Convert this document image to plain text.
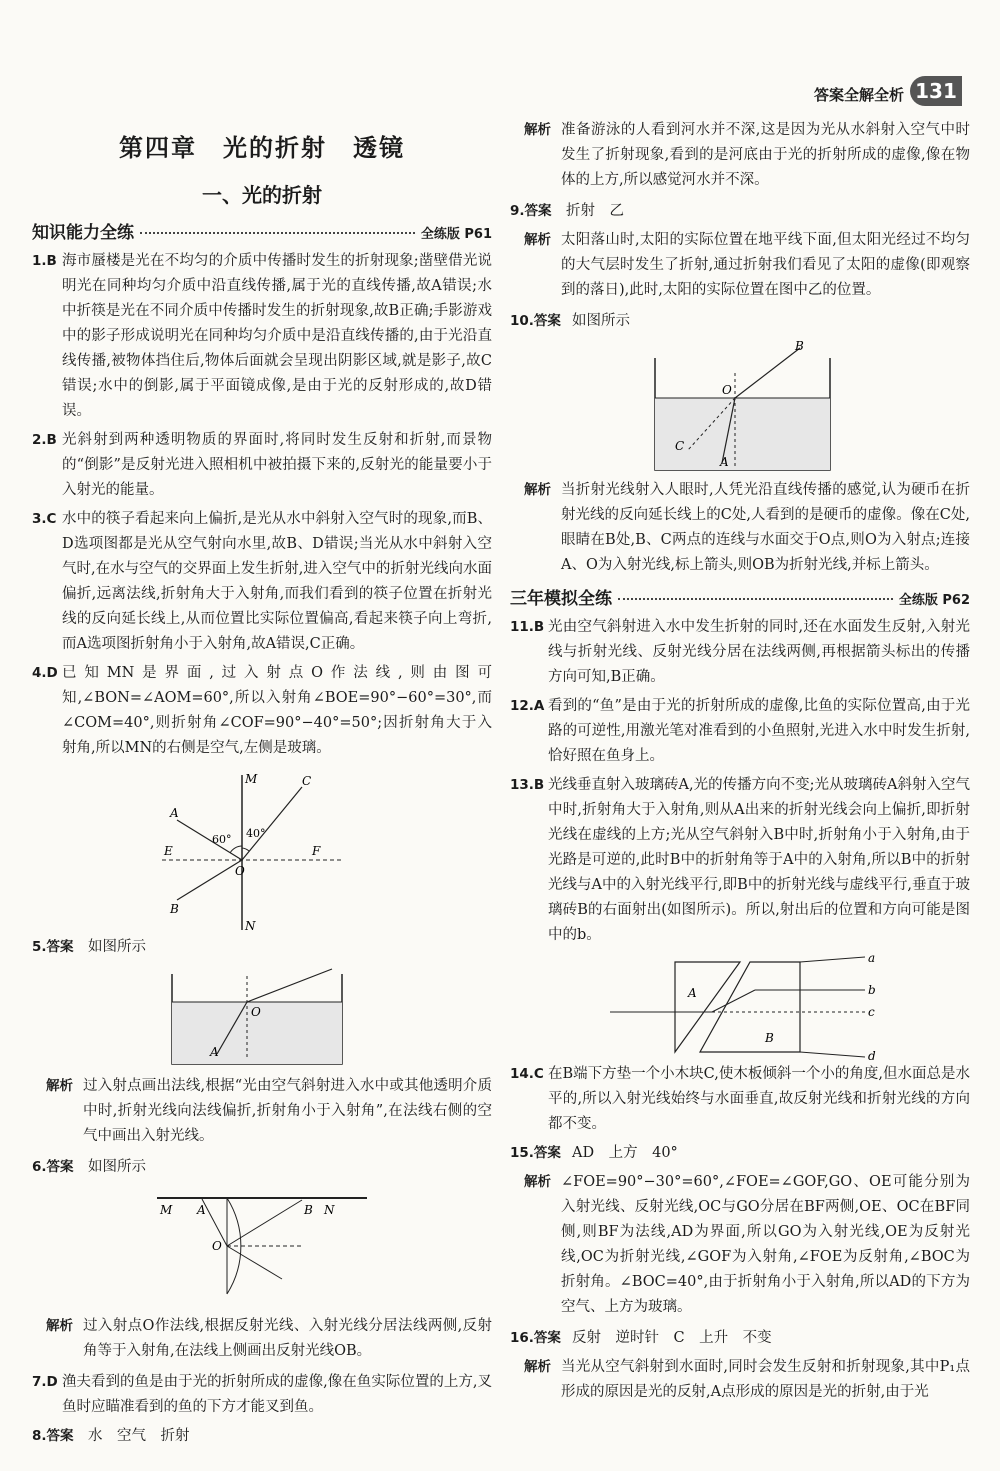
答案全解全析 131
第四章　光的折射　透镜
一、光的折射
知识能力全练	全练版 P61
1.B 海市蜃楼是光在不均匀的介质中传播时发生的折射现象;凿壁借光说明光在同种均匀介质中沿直线传播,属于光的直线传播,故A错误;水中折筷是光在不同介质中传播时发生的折射现象,故B正确;手影游戏中的影子形成说明光在同种均匀介质中是沿直线传播的,由于光沿直线传播,被物体挡住后,物体后面就会呈现出阴影区域,就是影子,故C错误;水中的倒影,属于平面镜成像,是由于光的反射形成的,故D错误。
2.B 光斜射到两种透明物质的界面时,将同时发生反射和折射,而景物的“倒影”是反射光进入照相机中被拍摄下来的,反射光的能量要小于入射光的能量。
3.C 水中的筷子看起来向上偏折,是光从水中斜射入空气时的现象,而B、D选项图都是光从空气射向水里,故B、D错误;当光从水中斜射入空气时,在水与空气的交界面上发生折射,进入空气中的折射光线向水面偏折,远离法线,折射角大于入射角,而我们看到的筷子位置在折射光线的反向延长线上,从而位置比实际位置偏高,看起来筷子向上弯折,而A选项图折射角小于入射角,故A错误,C正确。
4.D 已知MN是界面,过入射点O作法线,则由图可知,∠BON=∠AOM=60°,所以入射角∠BOE=90°−60°=30°,而∠COM=40°,则折射角∠COF=90°−40°=50°;因折射角大于入射角,所以MN的右侧是空气,左侧是玻璃。
M
N
E	F
O
A
B
C
60° 40°
5.答案 如图所示
O
A
解析 过入射点画出法线,根据“光由空气斜射进入水中或其他透明介质中时,折射光线向法线偏折,折射角小于入射角”,在法线右侧的空气中画出入射光线。
6.答案 如图所示
M A	B N
O
解析 过入射点O作法线,根据反射光线、入射光线分居法线两侧,反射角等于入射角,在法线上侧画出反射光线OB。
7.D 渔夫看到的鱼是由于光的折射所成的虚像,像在鱼实际位置的上方,叉鱼时应瞄准看到的鱼的下方才能叉到鱼。
8.答案 水　空气　折射
解析 准备游泳的人看到河水并不深,这是因为光从水斜射入空气中时发生了折射现象,看到的是河底由于光的折射所成的虚像,像在物体的上方,所以感觉河水并不深。
9.答案 折射　乙
解析 太阳落山时,太阳的实际位置在地平线下面,但太阳光经过不均匀的大气层时发生了折射,通过折射我们看见了太阳的虚像(即观察到的落日),此时,太阳的实际位置在图中乙的位置。
10.答案 如图所示
B
O
C
A
解析 当折射光线射入人眼时,人凭光沿直线传播的感觉,认为硬币在折射光线的反向延长线上的C处,人看到的是硬币的虚像。像在C处,眼睛在B处,B、C两点的连线与水面交于O点,则O为入射点;连接A、O为入射光线,标上箭头,则OB为折射光线,并标上箭头。
三年模拟全练	全练版 P62
11.B 光由空气斜射进入水中发生折射的同时,还在水面发生反射,入射光线与折射光线、反射光线分居在法线两侧,再根据箭头标出的传播方向可知,B正确。
12.A 看到的“鱼”是由于光的折射所成的虚像,比鱼的实际位置高,由于光路的可逆性,用激光笔对准看到的小鱼照射,光进入水中时发生折射,恰好照在鱼身上。
13.B 光线垂直射入玻璃砖A,光的传播方向不变;光从玻璃砖A斜射入空气中时,折射角大于入射角,则从A出来的折射光线会向上偏折,即折射光线在虚线的上方;光从空气斜射入B中时,折射角小于入射角,由于光路是可逆的,此时B中的折射角等于A中的入射角,所以B中的折射光线与A中的入射光线平行,即B中的折射光线与虚线平行,垂直于玻璃砖B的右面射出(如图所示)。所以,射出后的位置和方向可能是图中的b。
a
b
c
d
A
B
14.C 在B端下方垫一个小木块C,使木板倾斜一个小的角度,但水面总是水平的,所以入射光线始终与水面垂直,故反射光线和折射光线的方向都不变。
15.答案 AD　上方　40°
解析 ∠FOE=90°−30°=60°,∠FOE=∠GOF,GO、OE可能分别为入射光线、反射光线,OC与GO分居在BF两侧,OE、OC在BF同侧,则BF为法线,AD为界面,所以GO为入射光线,OE为反射光线,OC为折射光线,∠GOF为入射角,∠FOE为反射角,∠BOC为折射角。∠BOC=40°,由于折射角小于入射角,所以AD的下方为空气、上方为玻璃。
16.答案 反射　逆时针　C　上升　不变
解析 当光从空气斜射到水面时,同时会发生反射和折射现象,其中P₁点形成的原因是光的反射,A点形成的原因是光的折射,由于光
